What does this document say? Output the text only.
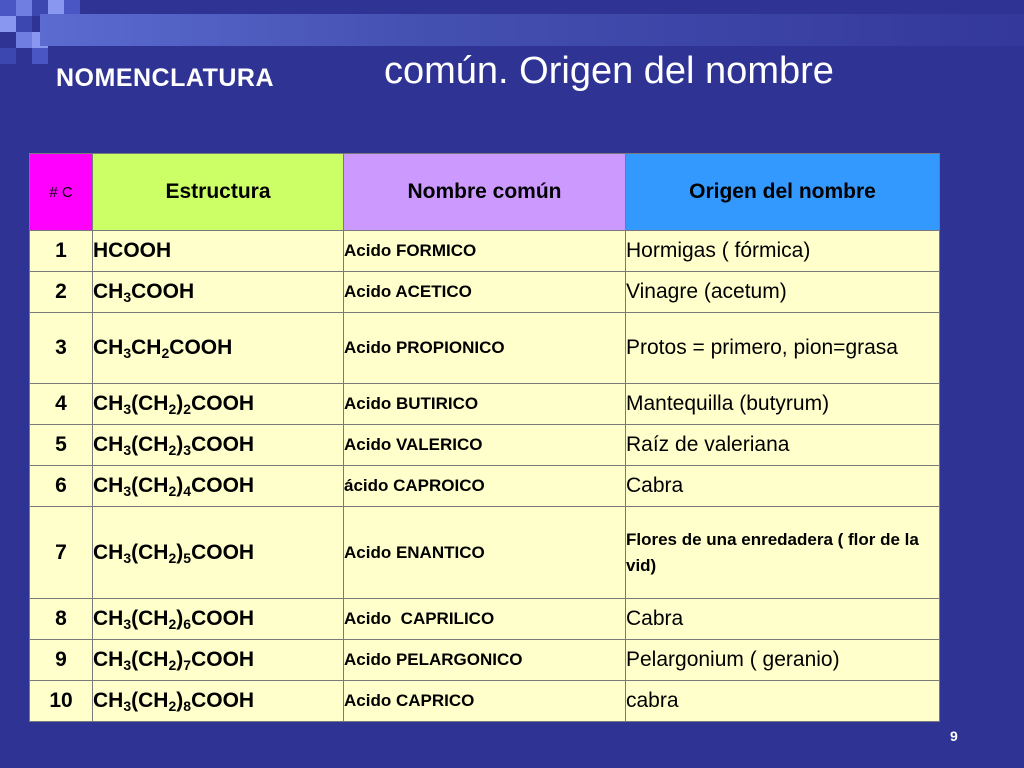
NOMENCLATURA	común. Origen del nombre
# C	Estructura	Nombre común	Origen del nombre
1	HCOOH	Acido FORMICO	Hormigas ( fórmica)
2	$CH_3COOH$	Acido ACETICO	Vinagre (acetum)
3	$CH_3CH_2COOH$	Acido PROPIONICO	Protos = primero, pion=grasa
4	$CH_3(CH_2)_2COOH$	Acido BUTIRICO	Mantequilla (butyrum)
5	$CH_3(CH_2)_3COOH$	Acido VALERICO	Raíz de valeriana
6	$CH_3(CH_2)_4COOH$	ácido CAPROICO	Cabra
7	$CH_3(CH_2)_5COOH$	Acido ENANTICO	Flores de una enredadera ( flor de la vid)
8	$CH_3(CH_2)_6COOH$	Acido  CAPRILICO	Cabra
9	$CH_3(CH_2)_7COOH$	Acido PELARGONICO	Pelargonium ( geranio)
10	$CH_3(CH_2)_8COOH$	Acido CAPRICO	cabra
9
